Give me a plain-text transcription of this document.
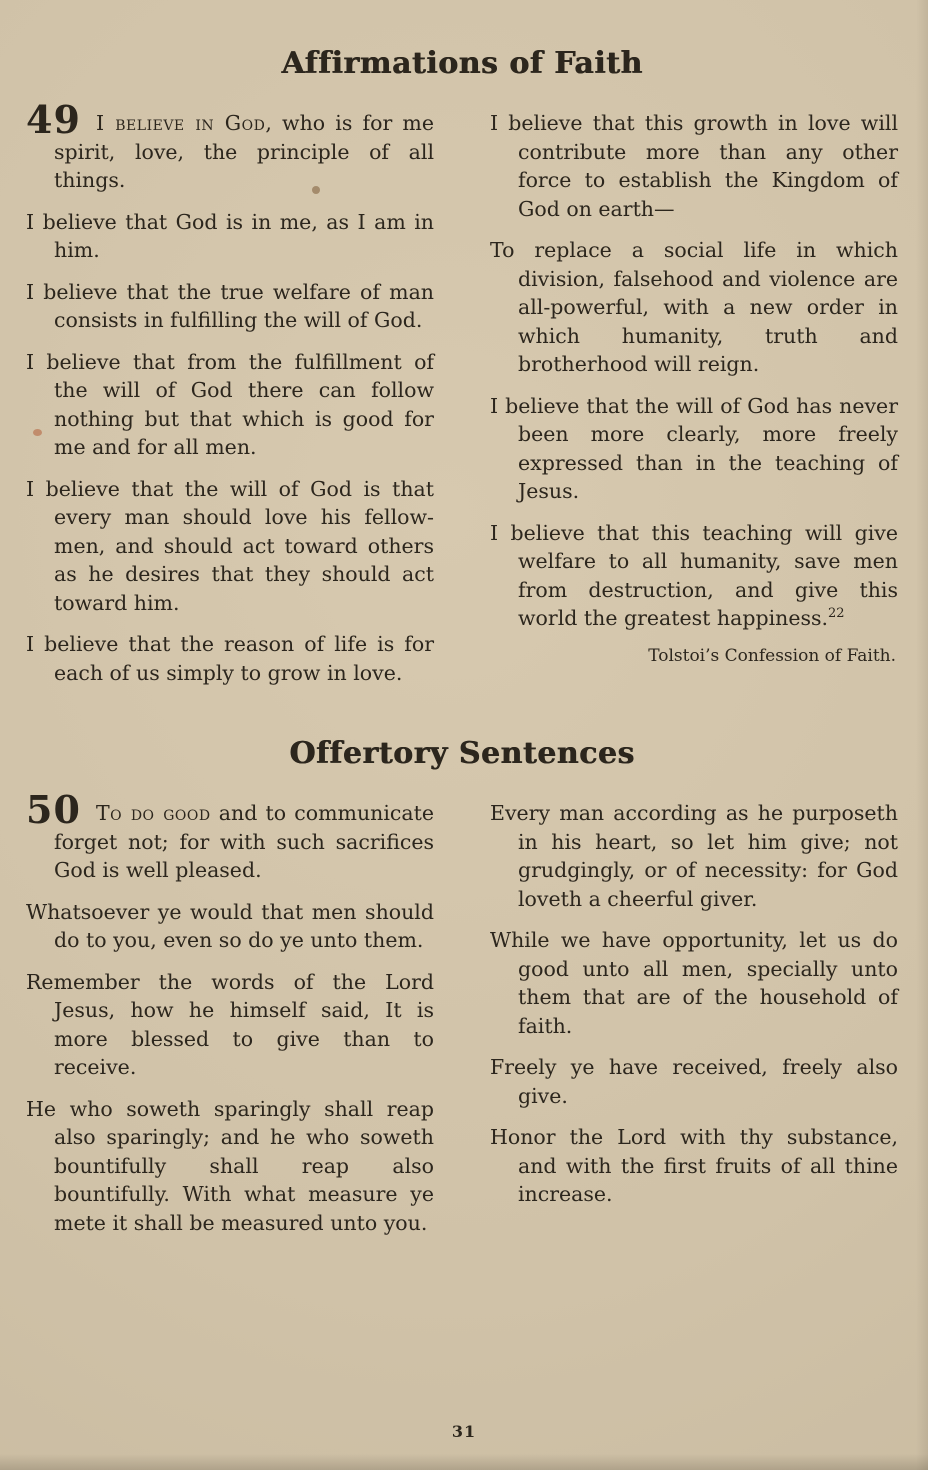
Affirmations of Faith

49 I believe in God, who is for me spirit, love, the principle of all things.

I believe that God is in me, as I am in him.

I believe that the true welfare of man consists in fulfilling the will of God.

I believe that from the fulfillment of the will of God there can follow nothing but that which is good for me and for all men.

I believe that the will of God is that every man should love his fellow-men, and should act toward others as he desires that they should act toward him.

I believe that the reason of life is for each of us simply to grow in love.

I believe that this growth in love will contribute more than any other force to establish the Kingdom of God on earth—

To replace a social life in which division, falsehood and violence are all-powerful, with a new order in which humanity, truth and brotherhood will reign.

I believe that the will of God has never been more clearly, more freely expressed than in the teaching of Jesus.

I believe that this teaching will give welfare to all humanity, save men from destruction, and give this world the greatest happiness.$^{22}$

Tolstoi’s Confession of Faith.

Offertory Sentences

50 To do good and to communicate forget not; for with such sacrifices God is well pleased.

Whatsoever ye would that men should do to you, even so do ye unto them.

Remember the words of the Lord Jesus, how he himself said, It is more blessed to give than to receive.

He who soweth sparingly shall reap also sparingly; and he who soweth bountifully shall reap also bountifully. With what measure ye mete it shall be measured unto you.

Every man according as he purposeth in his heart, so let him give; not grudgingly, or of necessity: for God loveth a cheerful giver.

While we have opportunity, let us do good unto all men, specially unto them that are of the household of faith.

Freely ye have received, freely also give.

Honor the Lord with thy substance, and with the first fruits of all thine increase.

31
